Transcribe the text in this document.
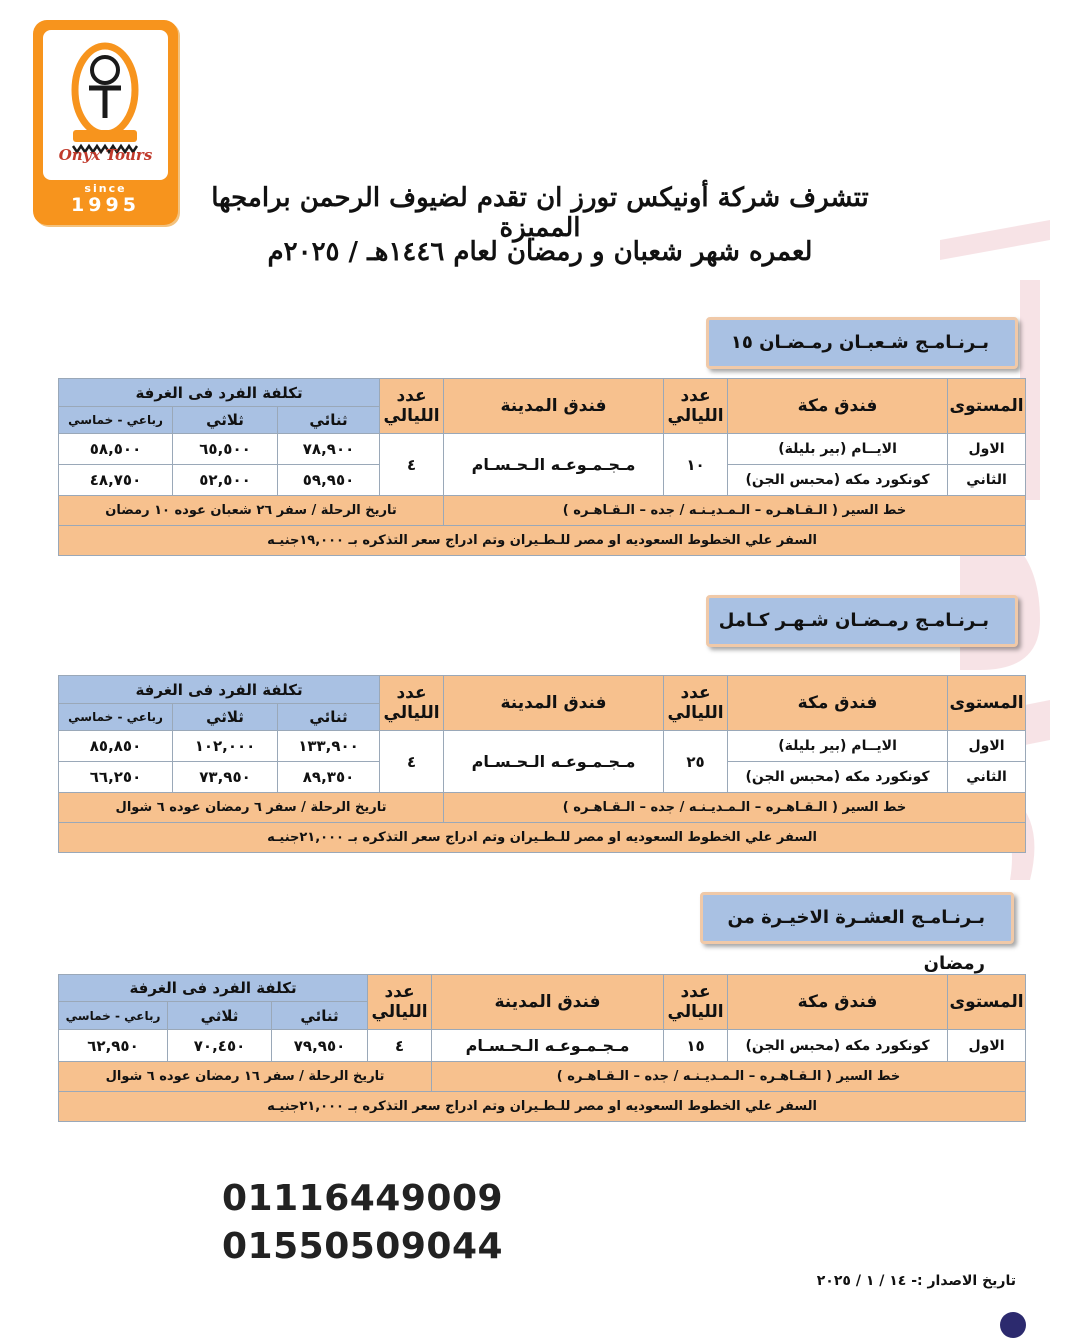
Onyx Tours
since
1995	تتشرف شركة أونيكس تورز ان تقدم لضيوف الرحمن برامجها المميزة
لعمره شهر شعبان و رمضان لعام ١٤٤٦هـ / ٢٠٢٥م
بـرنـامـج شـعبـان رمـضـان ١٥
المستوى	فندق مكة	عدد الليالي	فندق المدينة	عدد الليالي	تكلفة الفرد فى الغرفة		
					ثنائي	ثلاثي	رباعي - خماسي
الاول	الايــام (بير بليلة)	١٠	مـجـمـوعـه الـحـسـام	٤	٧٨,٩٠٠	٦٥,٥٠٠	٥٨,٥٠٠
الثاني	كونكورد مكه (محبس الجن)				٥٩,٩٥٠	٥٢,٥٠٠	٤٨,٧٥٠
خط السير ( الـقـاهـره – الـمـديـنـه / جده – الـقـاهـره )				تاريخ الرحلة / سفر ٢٦ شعبان عوده ١٠ رمضان			
السفر علي الخطوط السعوديه او مصر للـطـيران وتم ادراج سعر التذكره بـ ١٩,٠٠٠جنيـه							
بـرنـامـج رمـضـان شـهـر كـامل
المستوى	فندق مكة	عدد الليالي	فندق المدينة	عدد الليالي	تكلفة الفرد فى الغرفة		
					ثنائي	ثلاثي	رباعي - خماسي
الاول	الايــام (بير بليلة)	٢٥	مـجـمـوعـه الـحـسـام	٤	١٣٣,٩٠٠	١٠٢,٠٠٠	٨٥,٨٥٠
الثاني	كونكورد مكه (محبس الجن)				٨٩,٣٥٠	٧٣,٩٥٠	٦٦,٢٥٠
خط السير ( الـقـاهـره – الـمـديـنـه / جده – الـقـاهـره )				تاريخ الرحلة / سفر ٦ رمضان عوده ٦ شوال			
السفر علي الخطوط السعوديه او مصر للـطـيران وتم ادراج سعر التذكره بـ ٢١,٠٠٠جنيـه							
بـرنـامـج العشـرة الاخيـرة من رمضان
المستوى	فندق مكة	عدد الليالي	فندق المدينة	عدد الليالي	تكلفة الفرد فى الغرفة		
					ثنائي	ثلاثي	رباعي - خماسي
الاول	كونكورد مكه (محبس الجن)	١٥	مـجـمـوعـه الـحـسـام	٤	٧٩,٩٥٠	٧٠,٤٥٠	٦٢,٩٥٠
خط السير ( الـقـاهـره – الـمـديـنـه / جده – الـقـاهـره )				تاريخ الرحلة / سفر ١٦ رمضان عوده ٦ شوال			
السفر علي الخطوط السعوديه او مصر للـطـيران وتم ادراج سعر التذكره بـ ٢١,٠٠٠جنيـه							
01116449009
01550509044
تاريخ الاصدار :- ١٤ / ١ / ٢٠٢٥
